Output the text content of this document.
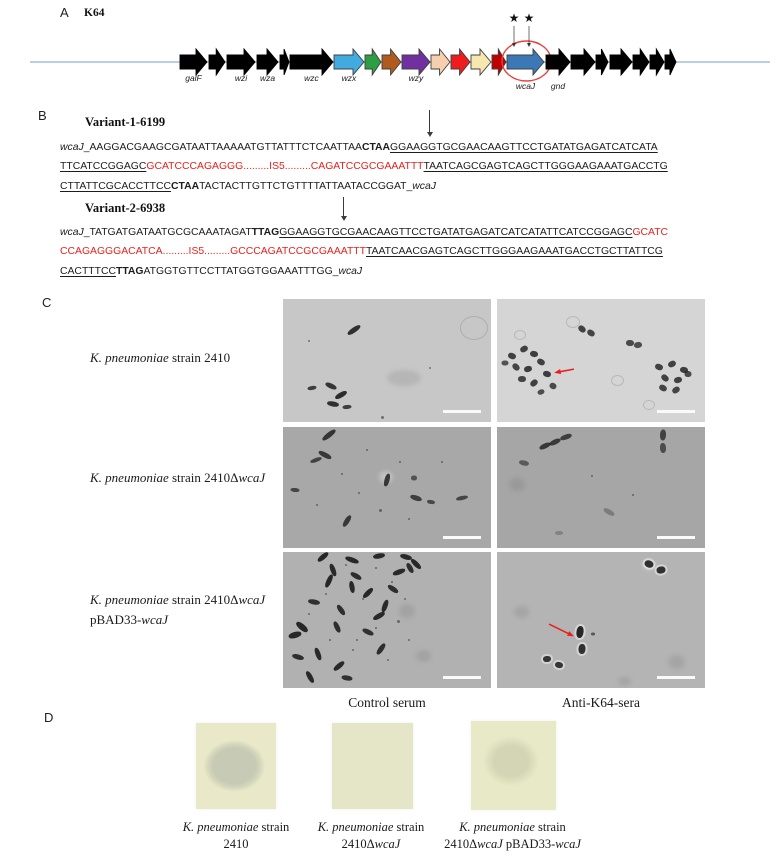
A K64
galF	wzi wza	wzc	wzx	wzy
wcaJ gnd
★ ★
B	Variant-1-6199
wcaJ_AAGGACGAAGCGATAATTAAAAATGTTATTTCTCAATTAACTAAGGAAGGTGCGAACAAGTTCCTGATATGAGATCATCATA
TTCATCCGGAGCGCATCCCAGAGGG.........IS5.........CAGATCCGCGAAATTTTAATCAGCGAGTCAGCTTGGGAAGAAATGACCTG
CTTATTCGCACCTTCCCTAATACTACTTGTTCTGTTTTATTAATACCGGAT_wcaJ
Variant-2-6938
wcaJ_TATGATGATAATGCGCAAATAGATTTAGGGAAGGTGCGAACAAGTTCCTGATATGAGATCATCATATTCATCCGGAGCGCATC
CCAGAGGGACATCA.........IS5.........GCCCAGATCCGCGAAATTTTAATCAACGAGTCAGCTTGGGAAGAAATGACCTGCTTATTCG
CACTTTCCTTAGATGGTGTTCCTTATGGTGGAAATTTGG_wcaJ
C
K. pneumoniae strain 2410
K. pneumoniae strain 2410ΔwcaJ
K. pneumoniae strain 2410ΔwcaJ
pBAD33-wcaJ
Control serum	Anti-K64-sera
D
K. pneumoniae strain
2410
K. pneumoniae strain
2410ΔwcaJ
K. pneumoniae strain
2410ΔwcaJ pBAD33-wcaJ
